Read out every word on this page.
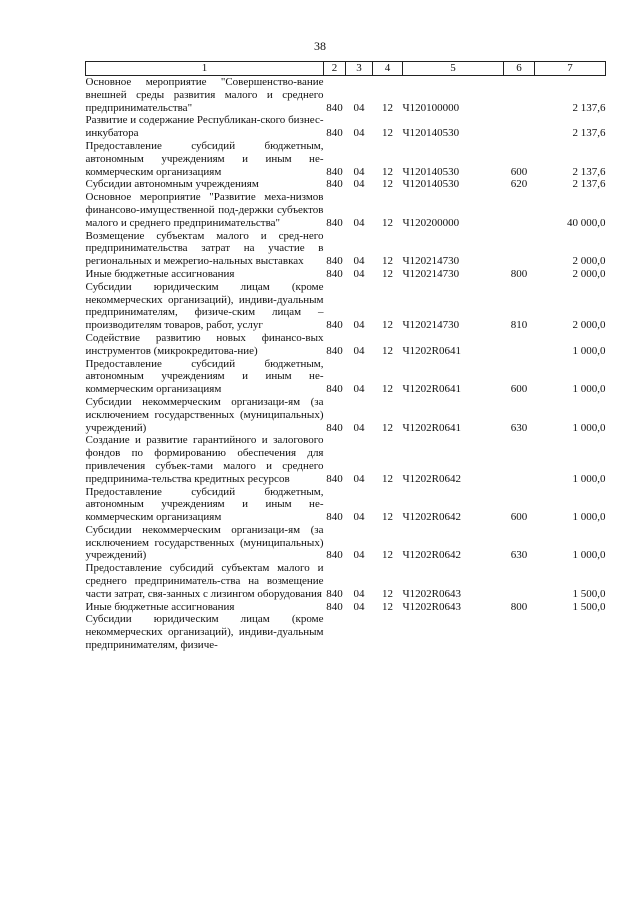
38
1	2	3	4	5	6	7
Основное мероприятие "Совершенство-вание внешней среды развития малого и среднего предпринимательства"	840	04	12	Ч120100000		2 137,6
Развитие и содержание Республикан-ского бизнес-инкубатора	840	04	12	Ч120140530		2 137,6
Предоставление субсидий бюджетным, автономным учреждениям и иным не-коммерческим организациям	840	04	12	Ч120140530	600	2 137,6
Субсидии автономным учреждениям	840	04	12	Ч120140530	620	2 137,6
Основное мероприятие "Развитие меха-низмов финансово-имущественной под-держки субъектов малого и среднего предпринимательства"	840	04	12	Ч120200000		40 000,0
Возмещение субъектам малого и сред-него предпринимательства затрат на участие в региональных и межрегио-нальных выставках	840	04	12	Ч120214730		2 000,0
Иные бюджетные ассигнования	840	04	12	Ч120214730	800	2 000,0
Субсидии юридическим лицам (кроме некоммерческих организаций), индиви-дуальным предпринимателям, физиче-ским лицам – производителям товаров, работ, услуг	840	04	12	Ч120214730	810	2 000,0
Содействие развитию новых финансо-вых инструментов (микрокредитова-ние)	840	04	12	Ч1202R0641		1 000,0
Предоставление субсидий бюджетным, автономным учреждениям и иным не-коммерческим организациям	840	04	12	Ч1202R0641	600	1 000,0
Субсидии некоммерческим организаци-ям (за исключением государственных (муниципальных) учреждений)	840	04	12	Ч1202R0641	630	1 000,0
Создание и развитие гарантийного и залогового фондов по формированию обеспечения для привлечения субъек-тами малого и среднего предпринима-тельства кредитных ресурсов	840	04	12	Ч1202R0642		1 000,0
Предоставление субсидий бюджетным, автономным учреждениям и иным не-коммерческим организациям	840	04	12	Ч1202R0642	600	1 000,0
Субсидии некоммерческим организаци-ям (за исключением государственных (муниципальных) учреждений)	840	04	12	Ч1202R0642	630	1 000,0
Предоставление субсидий субъектам малого и среднего предприниматель-ства на возмещение части затрат, свя-занных с лизингом оборудования	840	04	12	Ч1202R0643		1 500,0
Иные бюджетные ассигнования	840	04	12	Ч1202R0643	800	1 500,0
Субсидии юридическим лицам (кроме некоммерческих организаций), индиви-дуальным предпринимателям, физиче-						
